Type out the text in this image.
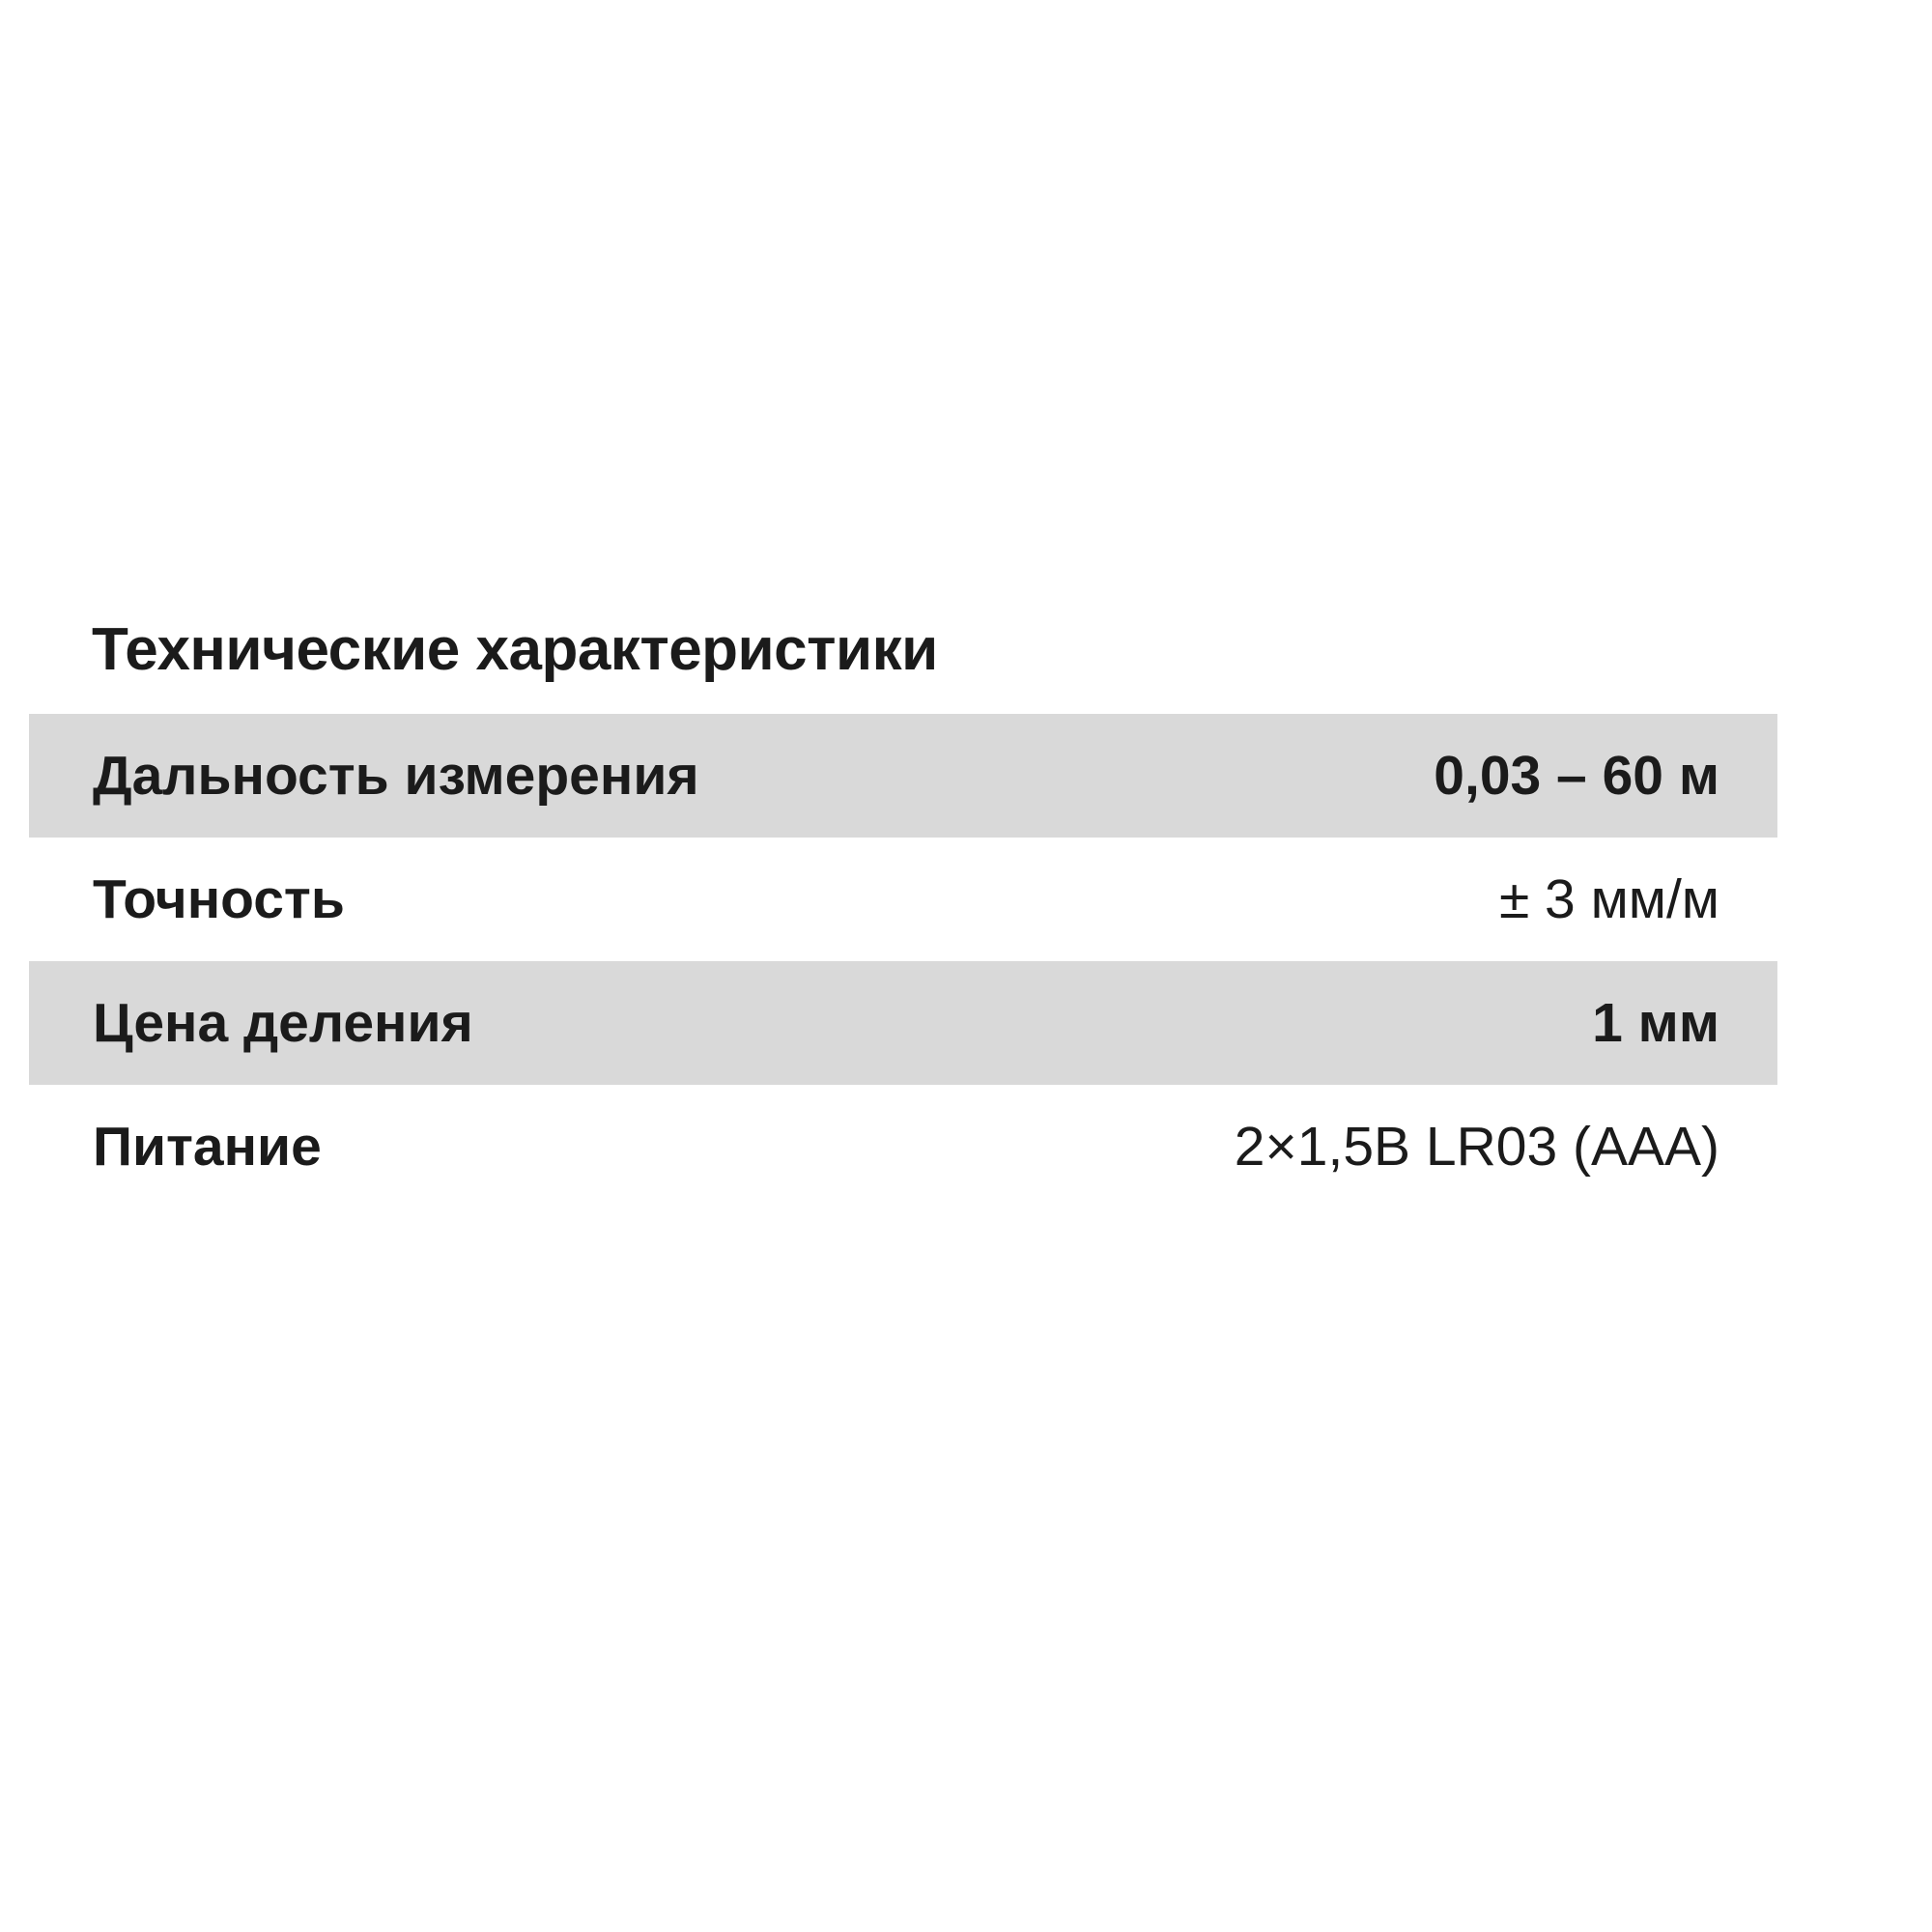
Технические характеристики
Дальность измерения	0,03 – 60 м
Точность	± 3 мм/м
Цена деления	1 мм
Питание	2×1,5В LR03 (AAA)
